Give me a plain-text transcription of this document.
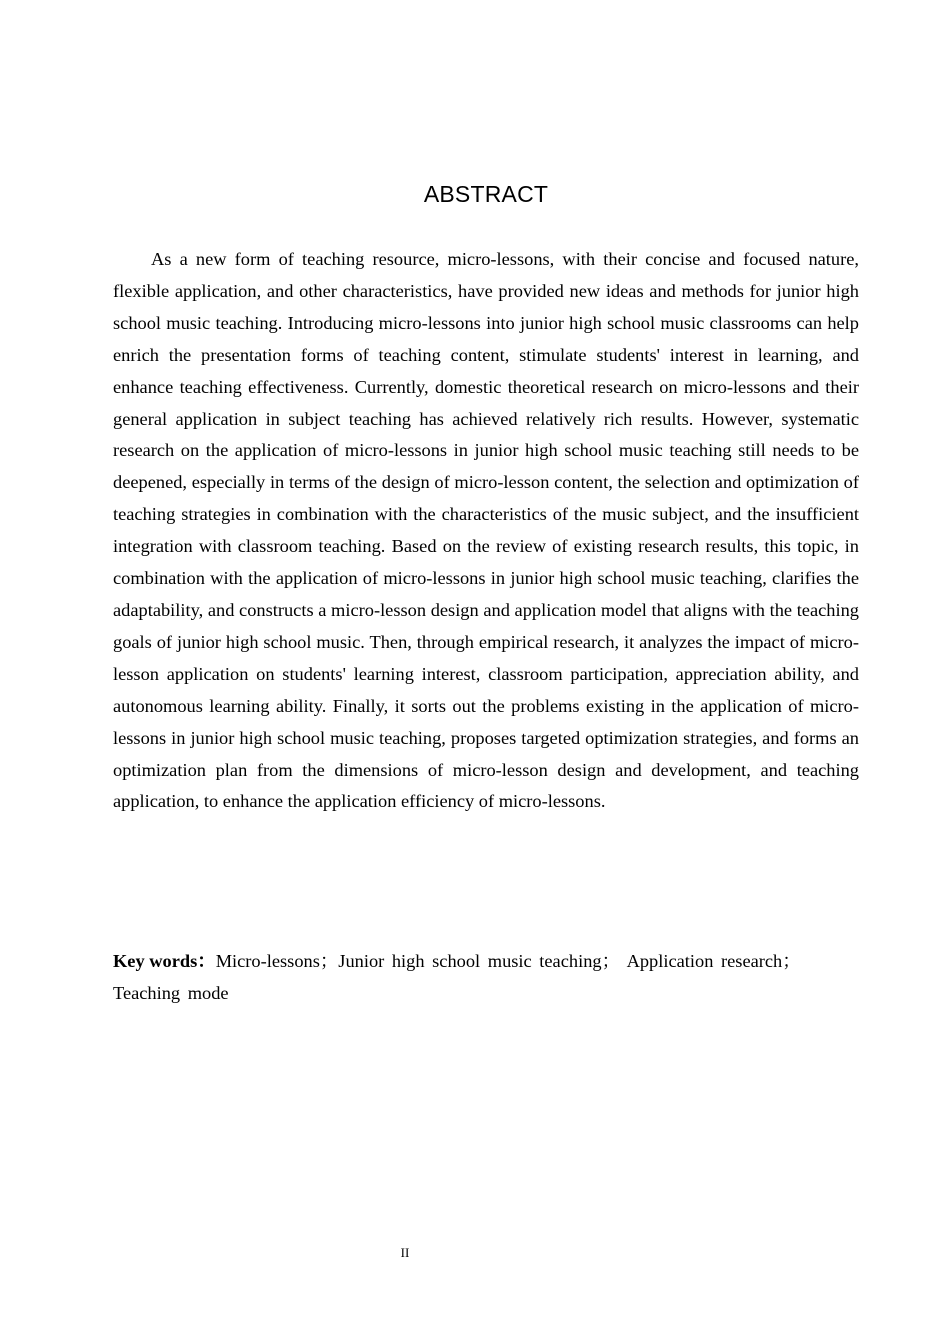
ABSTRACT

As a new form of teaching resource, micro-lessons, with their concise and focused nature, flexible application, and other characteristics, have provided new ideas and methods for junior high school music teaching. Introducing micro-lessons into junior high school music classrooms can help enrich the presentation forms of teaching content, stimulate students' interest in learning, and enhance teaching effectiveness. Currently, domestic theoretical research on micro-lessons and their general application in subject teaching has achieved relatively rich results. However, systematic research on the application of micro-lessons in junior high school music teaching still needs to be deepened, especially in terms of the design of micro-lesson content, the selection and optimization of teaching strategies in combination with the characteristics of the music subject, and the insufficient integration with classroom teaching. Based on the review of existing research results, this topic, in combination with the application of micro-lessons in junior high school music teaching, clarifies the adaptability, and constructs a micro-lesson design and application model that aligns with the teaching goals of junior high school music. Then, through empirical research, it analyzes the impact of micro-lesson application on students' learning interest, classroom participation, appreciation ability, and autonomous learning ability. Finally, it sorts out the problems existing in the application of micro-lessons in junior high school music teaching, proposes targeted optimization strategies, and forms an optimization plan from the dimensions of micro-lesson design and development, and teaching application, to enhance the application efficiency of micro-lessons.

Key words：Micro-lessons；Junior high school music teaching； Application research； Teaching mode

II
